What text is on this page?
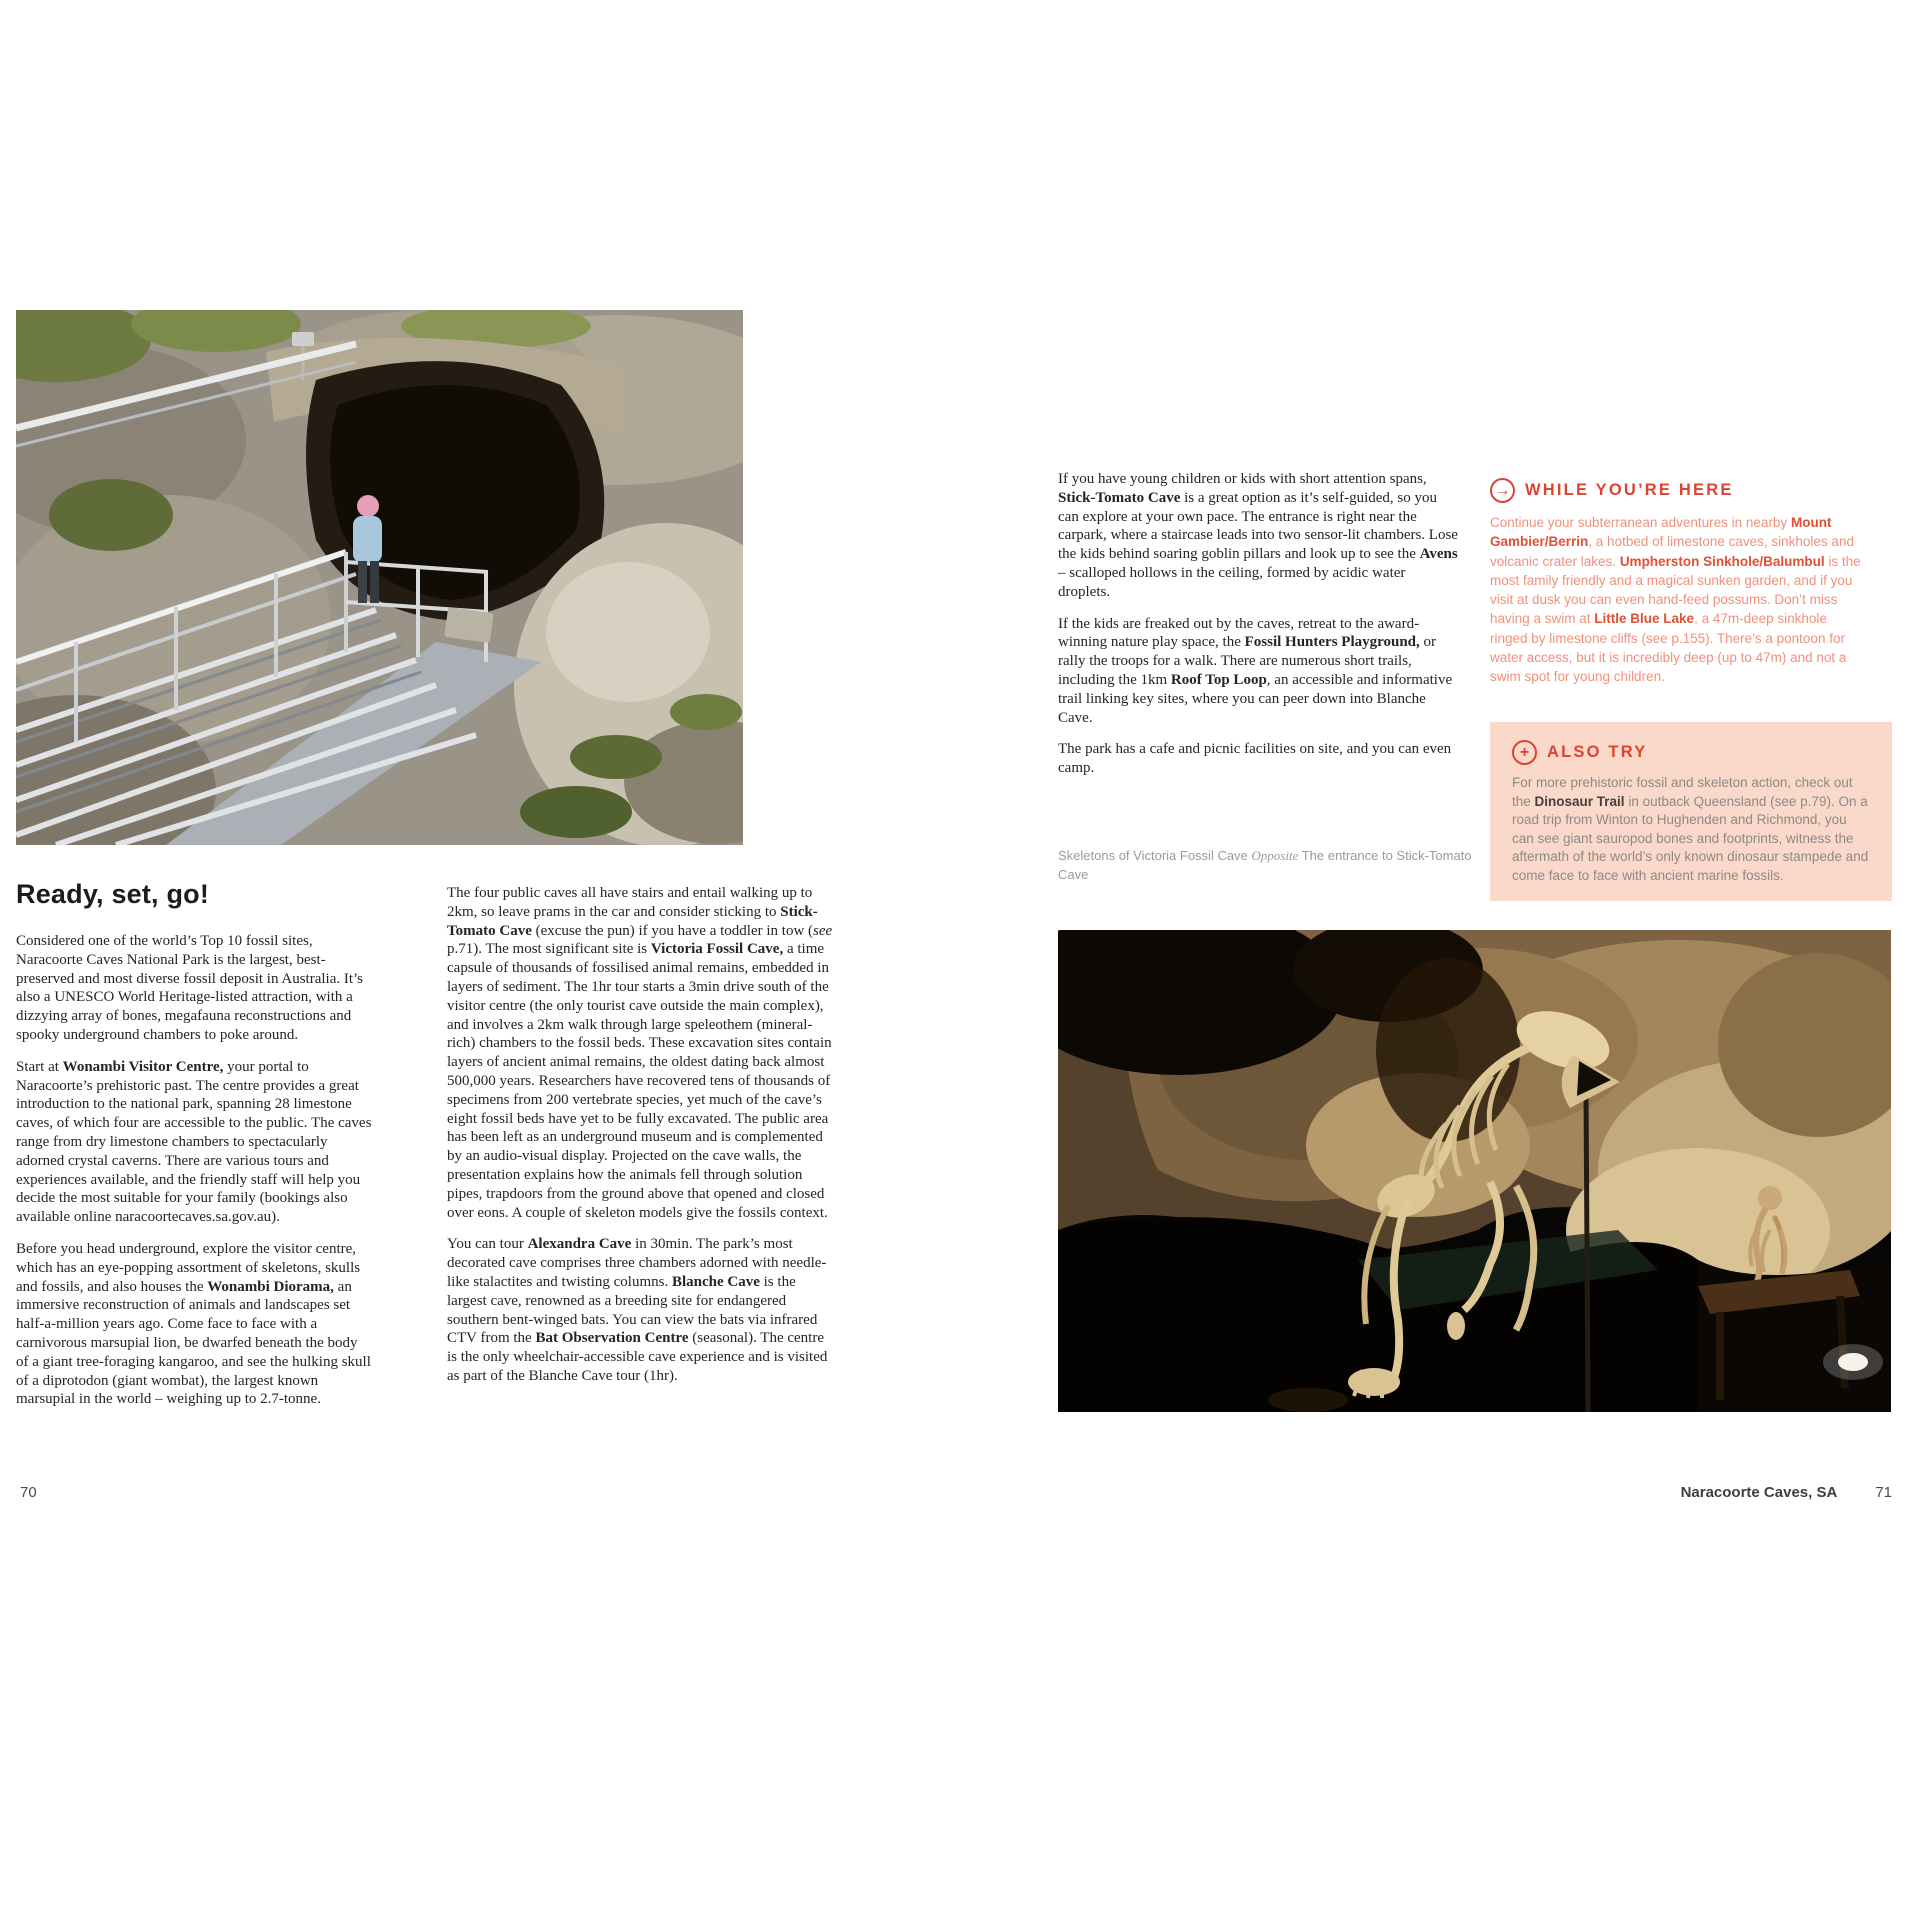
Ready, set, go!

Considered one of the world’s Top 10 fossil sites, Naracoorte Caves National Park is the largest, best-preserved and most diverse fossil deposit in Australia. It’s also a UNESCO World Heritage-listed attraction, with a dizzying array of bones, megafauna reconstructions and spooky underground chambers to poke around.

Start at Wonambi Visitor Centre, your portal to Naracoorte’s prehistoric past. The centre provides a great introduction to the national park, spanning 28 limestone caves, of which four are accessible to the public. The caves range from dry limestone chambers to spectacularly adorned crystal caverns. There are various tours and experiences available, and the friendly staff will help you decide the most suitable for your family (bookings also available online naracoortecaves.sa.gov.au).

Before you head underground, explore the visitor centre, which has an eye-popping assortment of skeletons, skulls and fossils, and also houses the Wonambi Diorama, an immersive reconstruction of animals and landscapes set half-a-million years ago. Come face to face with a carnivorous marsupial lion, be dwarfed beneath the body of a giant tree-foraging kangaroo, and see the hulking skull of a diprotodon (giant wombat), the largest known marsupial in the world – weighing up to 2.7-tonne.

The four public caves all have stairs and entail walking up to 2km, so leave prams in the car and consider sticking to Stick-Tomato Cave (excuse the pun) if you have a toddler in tow (see p.71). The most significant site is Victoria Fossil Cave, a time capsule of thousands of fossilised animal remains, embedded in layers of sediment. The 1hr tour starts a 3min drive south of the visitor centre (the only tourist cave outside the main complex), and involves a 2km walk through large speleothem (mineral-rich) chambers to the fossil beds. These excavation sites contain layers of ancient animal remains, the oldest dating back almost 500,000 years. Researchers have recovered tens of thousands of specimens from 200 vertebrate species, yet much of the cave’s eight fossil beds have yet to be fully excavated. The public area has been left as an underground museum and is complemented by an audio-visual display. Projected on the cave walls, the presentation explains how the animals fell through solution pipes, trapdoors from the ground above that opened and closed over eons. A couple of skeleton models give the fossils context.

You can tour Alexandra Cave in 30min. The park’s most decorated cave comprises three chambers adorned with needle-like stalactites and twisting columns. Blanche Cave is the largest cave, renowned as a breeding site for endangered southern bent-winged bats. You can view the bats via infrared CTV from the Bat Observation Centre (seasonal). The centre is the only wheelchair-accessible cave experience and is visited as part of the Blanche Cave tour (1hr).

If you have young children or kids with short attention spans, Stick-Tomato Cave is a great option as it’s self-guided, so you can explore at your own pace. The entrance is right near the carpark, where a staircase leads into two sensor-lit chambers. Lose the kids behind soaring goblin pillars and look up to see the Avens – scalloped hollows in the ceiling, formed by acidic water droplets.

If the kids are freaked out by the caves, retreat to the award-winning nature play space, the Fossil Hunters Playground, or rally the troops for a walk. There are numerous short trails, including the 1km Roof Top Loop, an accessible and informative trail linking key sites, where you can peer down into Blanche Cave.

The park has a cafe and picnic facilities on site, and you can even camp.

→ WHILE YOU’RE HERE
Continue your subterranean adventures in nearby Mount Gambier/Berrin, a hotbed of limestone caves, sinkholes and volcanic crater lakes. Umpherston Sinkhole/Balumbul is the most family friendly and a magical sunken garden, and if you visit at dusk you can even hand-feed possums. Don’t miss having a swim at Little Blue Lake, a 47m-deep sinkhole ringed by limestone cliffs (see p.155). There’s a pontoon for water access, but it is incredibly deep (up to 47m) and not a swim spot for young children.
+	ALSO TRY
For more prehistoric fossil and skeleton action, check out the Dinosaur Trail in outback Queensland (see p.79). On a road trip from Winton to Hughenden and Richmond, you can see giant sauropod bones and footprints, witness the aftermath of the world’s only known dinosaur stampede and come face to face with ancient marine fossils.
Skeletons of Victoria Fossil Cave Opposite The entrance to Stick-Tomato Cave
70	Naracoorte Caves, SA	71
